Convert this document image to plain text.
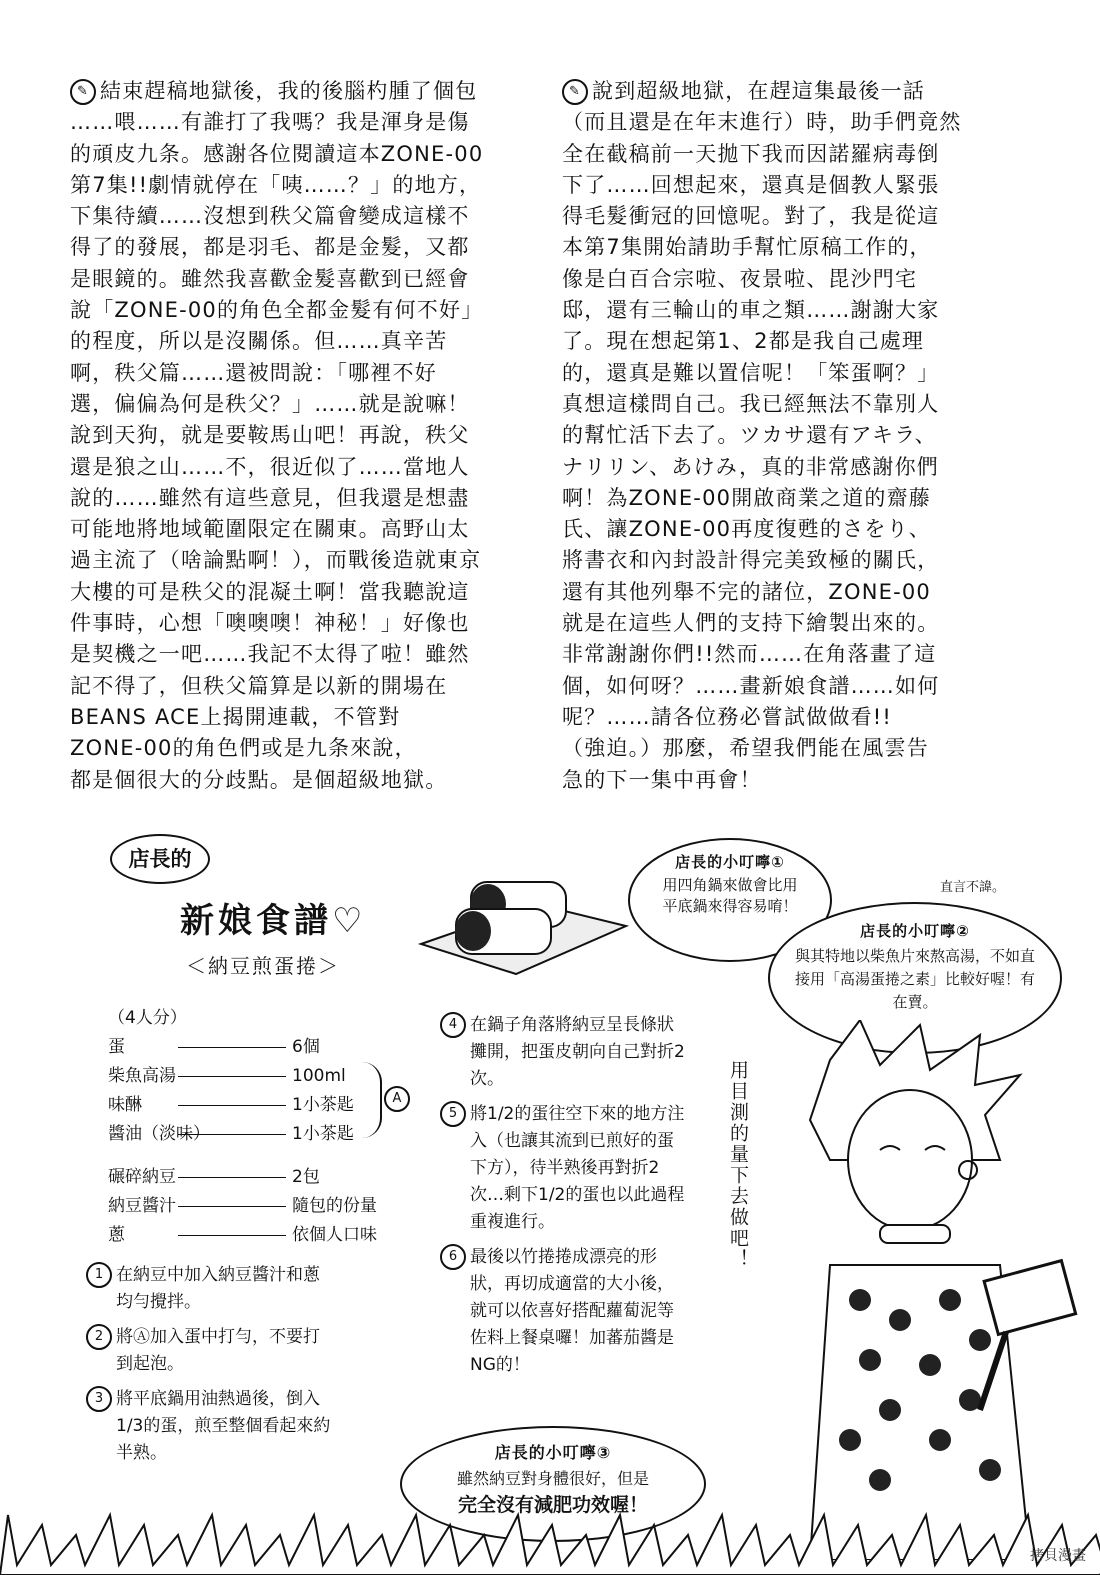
✎ 結束趕稿地獄後，我的後腦杓腫了個包
……喂……有誰打了我嗎？我是渾身是傷
的頑皮九条。感謝各位閱讀這本ZONE-00
第7集!!劇情就停在「咦……？」的地方，
下集待續……沒想到秩父篇會變成這樣不
得了的發展，都是羽毛、都是金髮，又都
是眼鏡的。雖然我喜歡金髮喜歡到已經會
說「ZONE-00的角色全都金髮有何不好」
的程度，所以是沒關係。但……真辛苦
啊，秩父篇……還被問說：「哪裡不好
選，偏偏為何是秩父？」……就是說嘛！
說到天狗，就是要鞍馬山吧！再說，秩父
還是狼之山……不，很近似了……當地人
說的……雖然有這些意見，但我還是想盡
可能地將地域範圍限定在關東。高野山太
過主流了（啥論點啊！），而戰後造就東京
大樓的可是秩父的混凝土啊！當我聽說這
件事時，心想「噢噢噢！神秘！」好像也
是契機之一吧……我記不太得了啦！雖然
記不得了，但秩父篇算是以新的開場在
BEANS ACE上揭開連載，不管對
ZONE-00的角色們或是九条來說，
都是個很大的分歧點。是個超級地獄。
✎ 說到超級地獄，在趕這集最後一話
（而且還是在年末進行）時，助手們竟然
全在截稿前一天拋下我而因諾羅病毒倒
下了……回想起來，還真是個教人緊張
得毛髮衝冠的回憶呢。對了，我是從這
本第7集開始請助手幫忙原稿工作的，
像是白百合宗啦、夜景啦、毘沙門宅
邸，還有三輪山的車之類……謝謝大家
了。現在想起第1、2都是我自己處理
的，還真是難以置信呢！「笨蛋啊？」
真想這樣問自己。我已經無法不靠別人
的幫忙活下去了。ツカサ還有アキラ、
ナリリン、あけみ，真的非常感謝你們
啊！為ZONE-00開啟商業之道的齋藤
氏、讓ZONE-00再度復甦的さをり、
將書衣和內封設計得完美致極的關氏，
還有其他列舉不完的諸位，ZONE-00
就是在這些人們的支持下繪製出來的。
非常謝謝你們!!然而……在角落畫了這
個，如何呀？……畫新娘食譜……如何
呢？……請各位務必嘗試做做看!!
（強迫。）那麼，希望我們能在風雲告
急的下一集中再會！
店長的
新娘食譜♡
＜納豆煎蛋捲＞
（4人分）
蛋	6個
柴魚高湯	100ml
味醂	1小茶匙
醬油（淡味）	1小茶匙
碾碎納豆	2包
納豆醬汁	隨包的份量
蔥	依個人口味
A
1 在納豆中加入納豆醬汁和蔥均勻攪拌。
2 將Ⓐ加入蛋中打勻，不要打到起泡。
3 將平底鍋用油熱過後，倒入1/3的蛋，煎至整個看起來約半熟。
4 在鍋子角落將納豆呈長條狀攤開，把蛋皮朝向自己對折2次。
5 將1/2的蛋往空下來的地方注入（也讓其流到已煎好的蛋下方），待半熟後再對折2次…剩下1/2的蛋也以此過程重複進行。
6 最後以竹捲捲成漂亮的形狀，再切成適當的大小後，就可以依喜好搭配蘿蔔泥等佐料上餐桌囉！加蕃茄醬是NG的！
店長的小叮嚀①
用四角鍋來做會比用平底鍋來得容易唷！
直言不諱。
店長的小叮嚀②
與其特地以柴魚片來熬高湯，不如直接用「高湯蛋捲之素」比較好喔！有在賣。
用目測的量下去做吧！
店長的小叮嚀③
雖然納豆對身體很好，但是
完全沒有減肥功效喔！
拷貝漫畫
